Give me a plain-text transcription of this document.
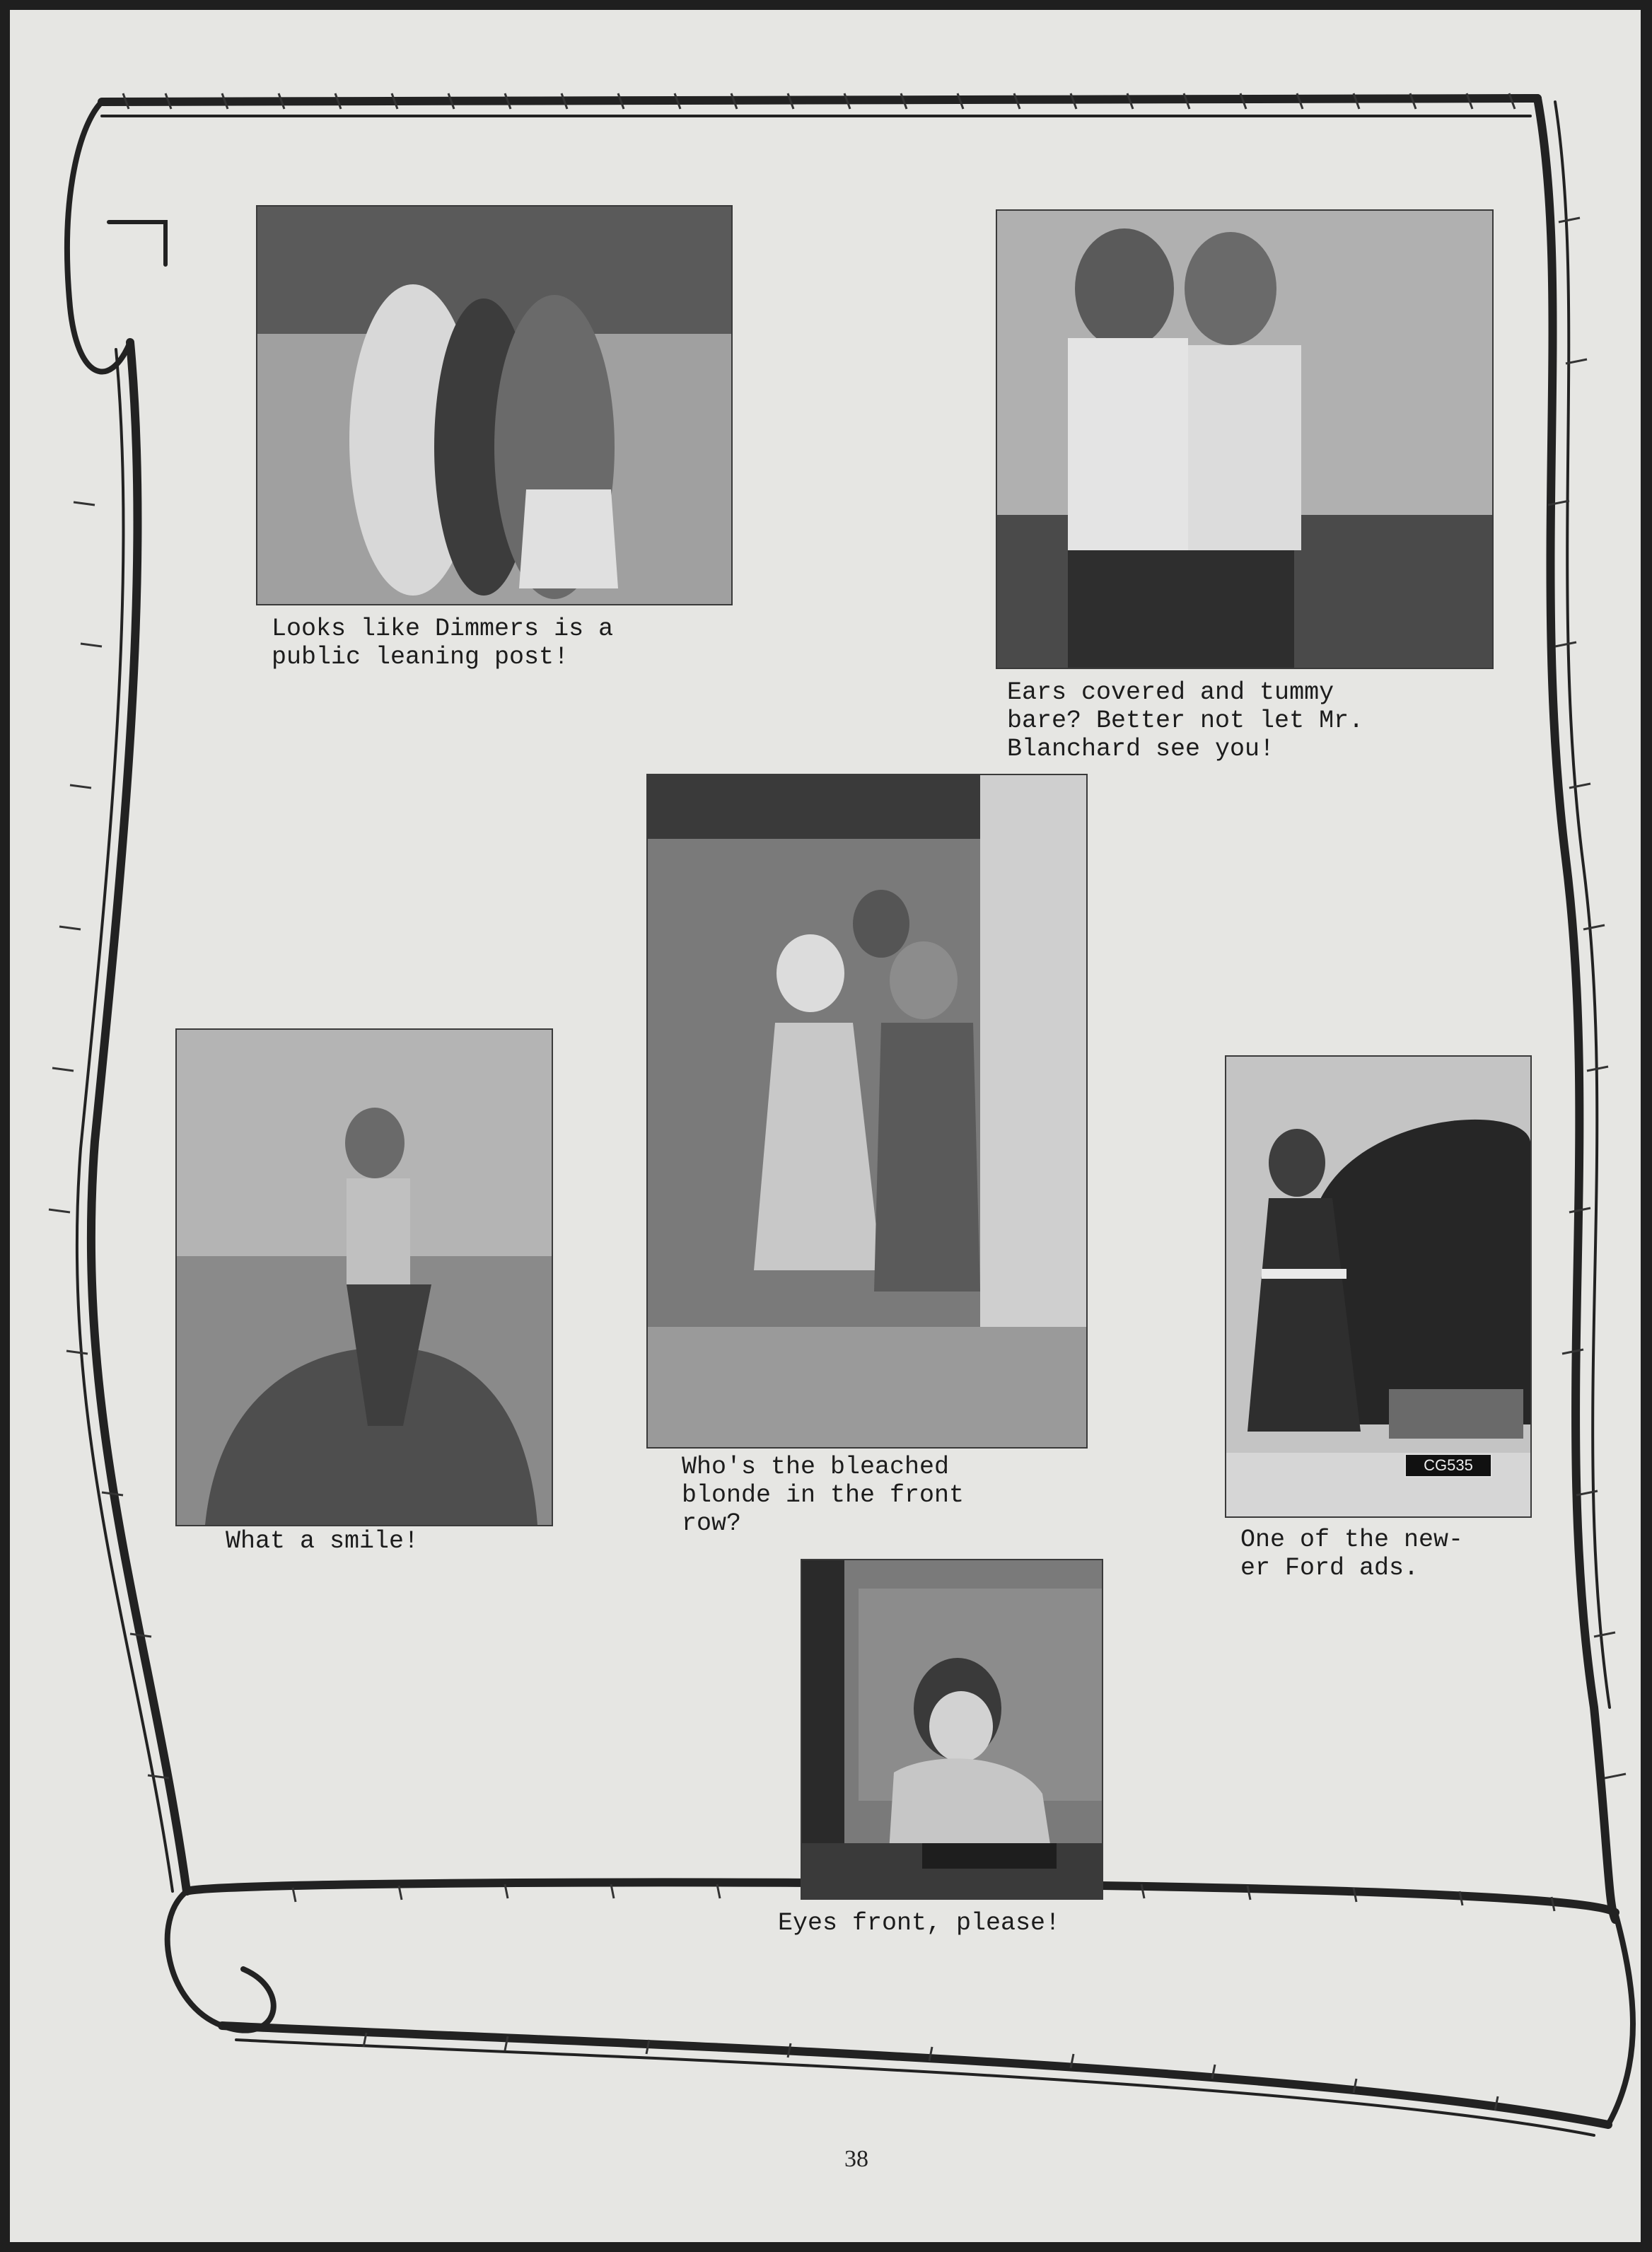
Looks like Dimmers is a
public leaning post!

Ears covered and tummy
bare? Better not let Mr.
Blanchard see you!

Who's the bleached
blonde in the front
row?

What a smile!	One of the new-
er Ford ads.

Eyes front, please!

CG535
38
